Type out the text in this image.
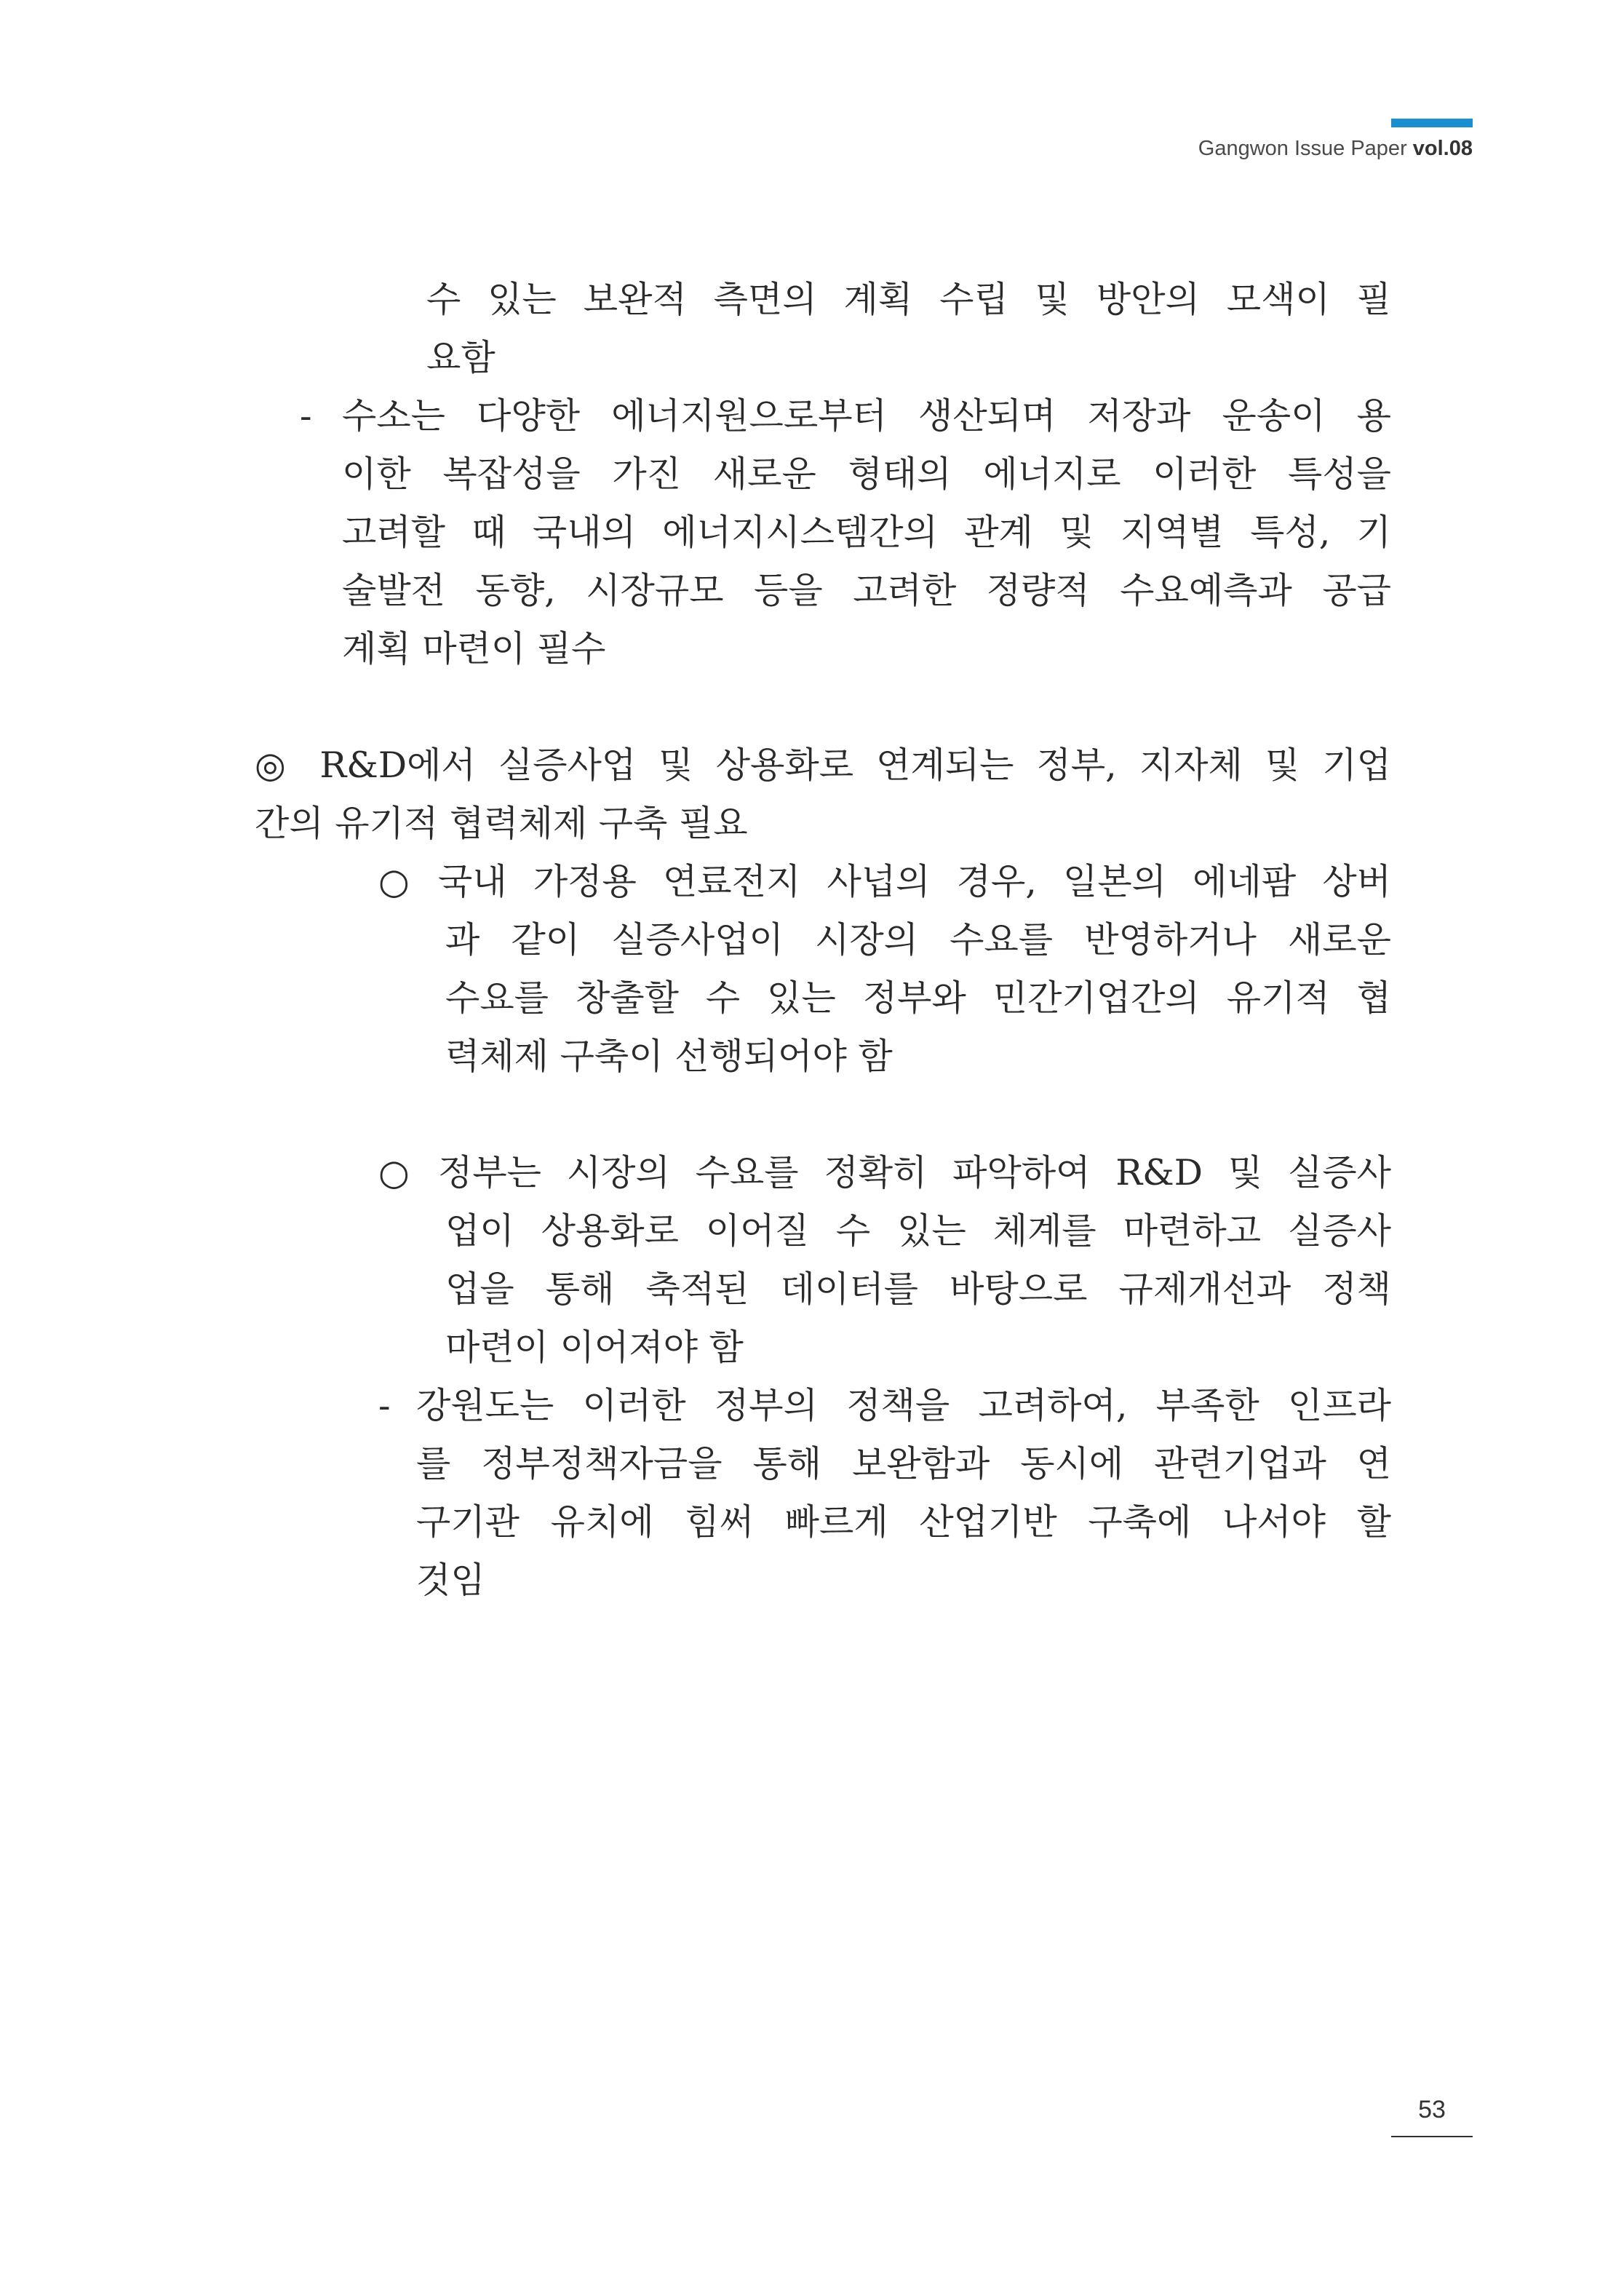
Gangwon Issue Paper vol.08
수 있는 보완적 측면의 계획 수립 및 방안의 모색이 필
요함
- 수소는 다양한 에너지원으로부터 생산되며 저장과 운송이 용
이한 복잡성을 가진 새로운 형태의 에너지로 이러한 특성을
고려할 때 국내의 에너지시스템간의 관계 및 지역별 특성, 기
술발전 동향, 시장규모 등을 고려한 정량적 수요예측과 공급
계획 마련이 필수
◎ R&D에서 실증사업 및 상용화로 연계되는 정부, 지자체 및 기업
간의 유기적 협력체제 구축 필요
○ 국내 가정용 연료전지 사넙의 경우, 일본의 에네팜 상버
과 같이 실증사업이 시장의 수요를 반영하거나 새로운
수요를 창출할 수 있는 정부와 민간기업간의 유기적 협
력체제 구축이 선행되어야 함
○ 정부는 시장의 수요를 정확히 파악하여 R&D 및 실증사
업이 상용화로 이어질 수 있는 체계를 마련하고 실증사
업을 통해 축적된 데이터를 바탕으로 규제개선과 정책
마련이 이어져야 함
- 강원도는 이러한 정부의 정책을 고려하여, 부족한 인프라
를 정부정책자금을 통해 보완함과 동시에 관련기업과 연
구기관 유치에 힘써 빠르게 산업기반 구축에 나서야 할
것임
53
